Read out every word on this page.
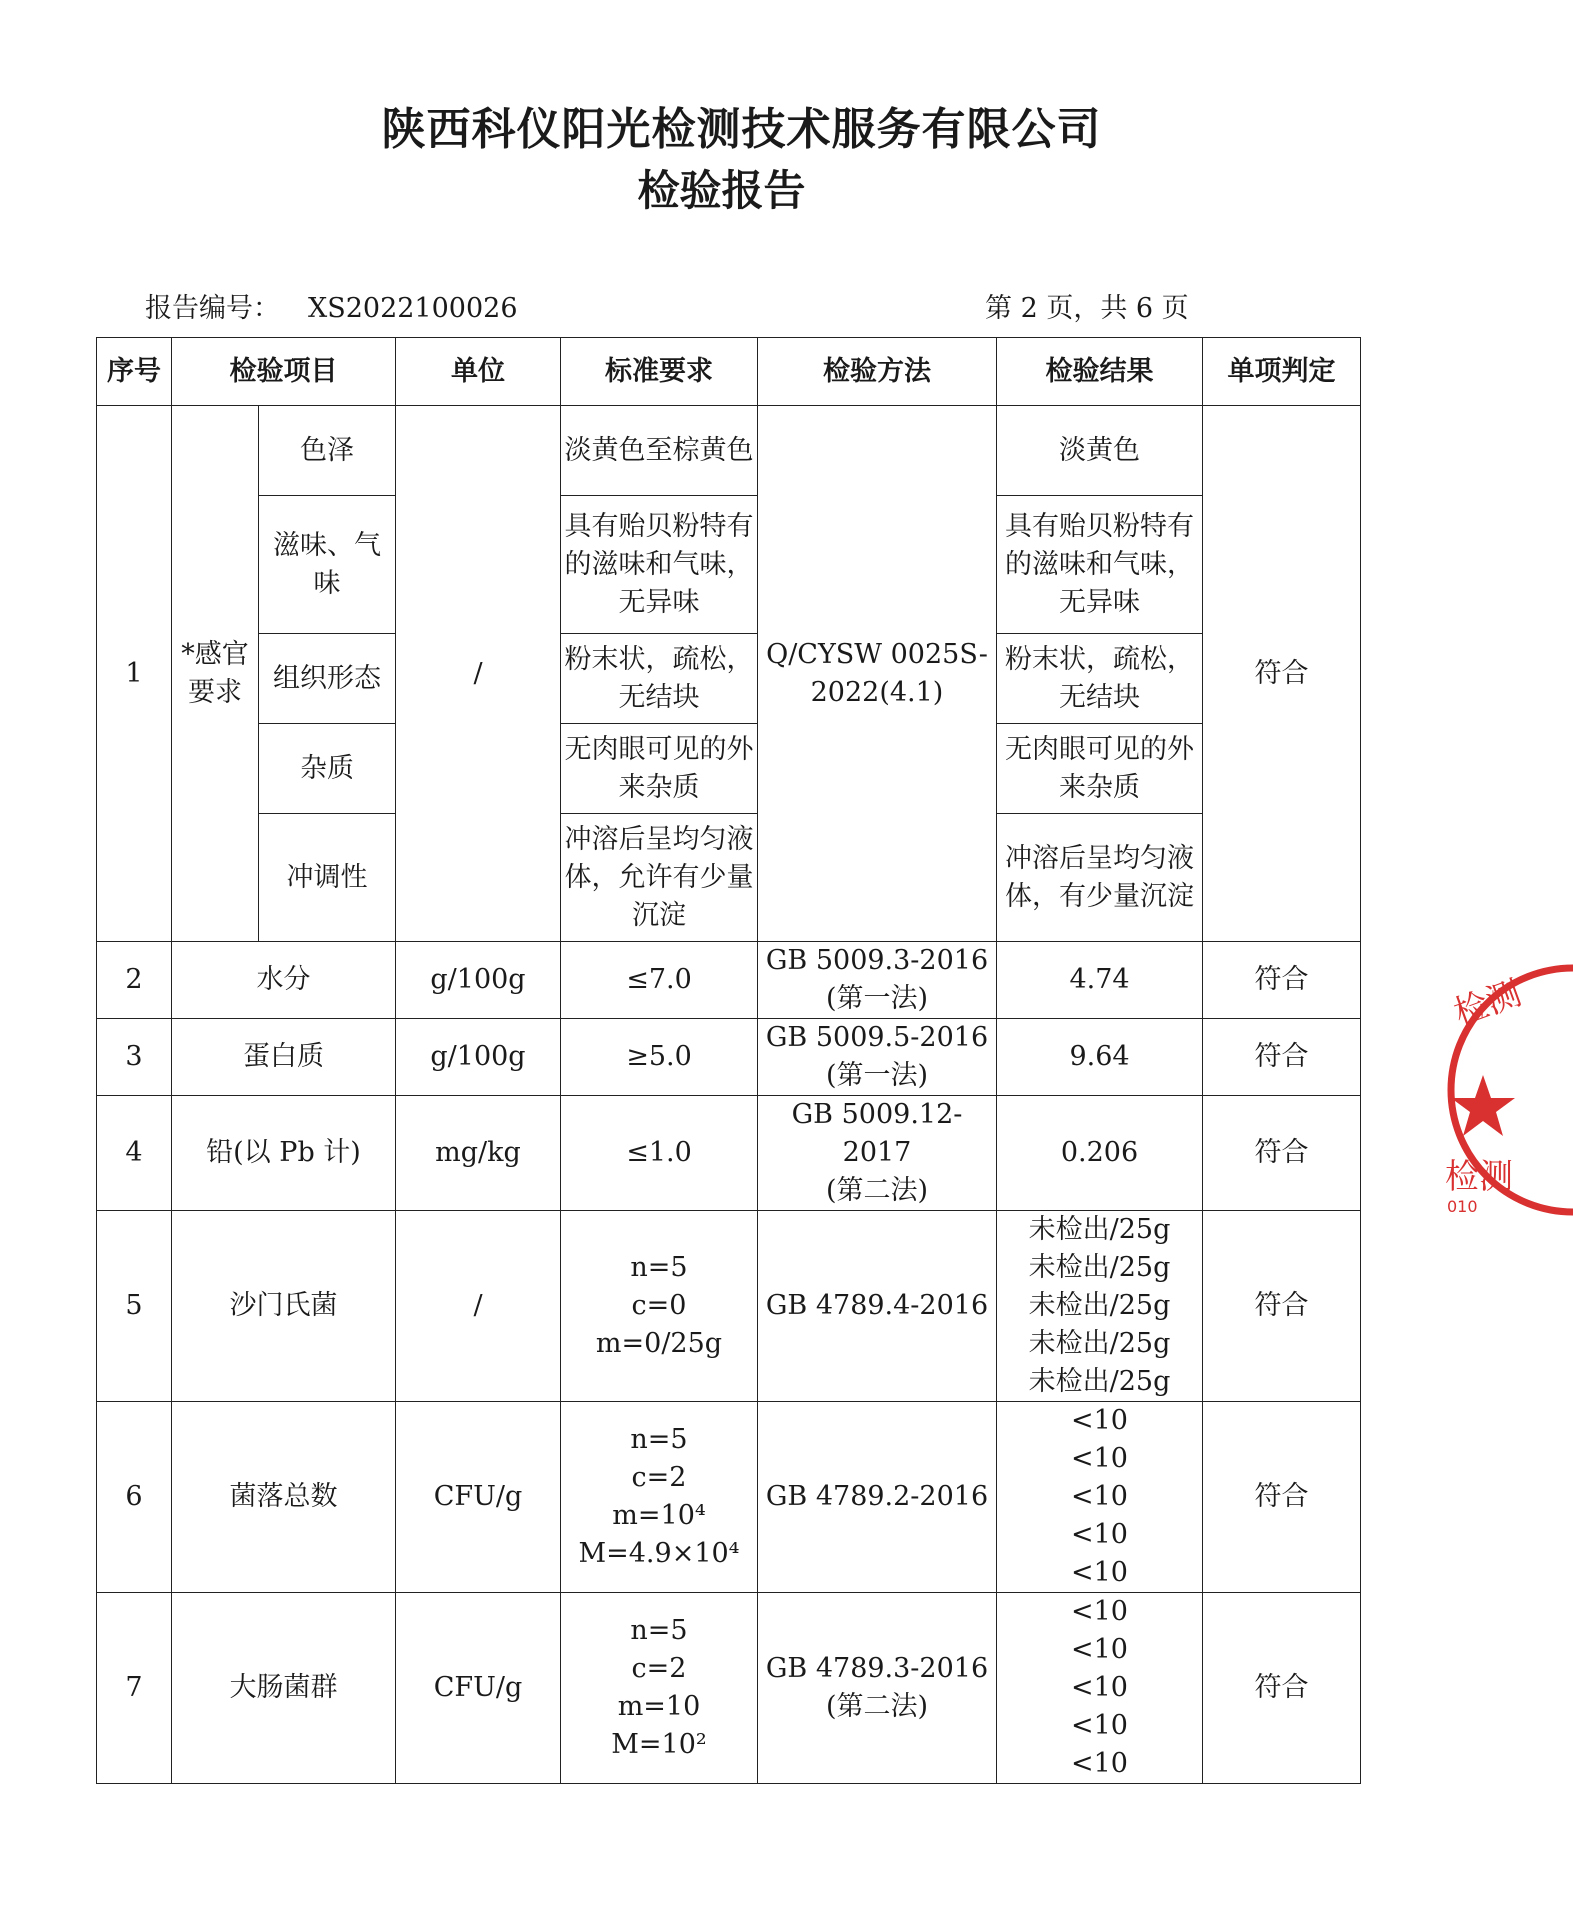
陕西科仪阳光检测技术服务有限公司
检验报告
报告编号： XS2022100026	第 2 页，共 6 页
序号	检验项目		单位	标准要求	检验方法	检验结果	单项判定
1	*感官要求	色泽	/	淡黄色至棕黄色	Q/CYSW 0025S-2022(4.1)	淡黄色	符合
		滋味、气味		具有贻贝粉特有的滋味和气味，无异味		具有贻贝粉特有的滋味和气味，无异味	
		组织形态		粉末状，疏松，无结块		粉末状，疏松，无结块	
		杂质		无肉眼可见的外来杂质		无肉眼可见的外来杂质	
		冲调性		冲溶后呈均匀液体，允许有少量沉淀		冲溶后呈均匀液体，有少量沉淀	
2	水分		g/100g	≤7.0	GB 5009.3-2016
(第一法)	4.74	符合
3	蛋白质		g/100g	≥5.0	GB 5009.5-2016
(第一法)	9.64	符合
4	铅(以 Pb 计)		mg/kg	≤1.0	GB 5009.12-2017
(第二法)	0.206	符合
5	沙门氏菌		/	n=5
c=0
m=0/25g	GB 4789.4-2016	未检出/25g
未检出/25g
未检出/25g
未检出/25g
未检出/25g	符合
6	菌落总数		CFU/g	n=5
c=2
m=10⁴
M=4.9×10⁴	GB 4789.2-2016	<10
<10
<10
<10
<10	符合
7	大肠菌群		CFU/g	n=5
c=2
m=10
M=10²	GB 4789.3-2016
(第二法)	<10
<10
<10
<10
<10	符合
检测
检测
010
